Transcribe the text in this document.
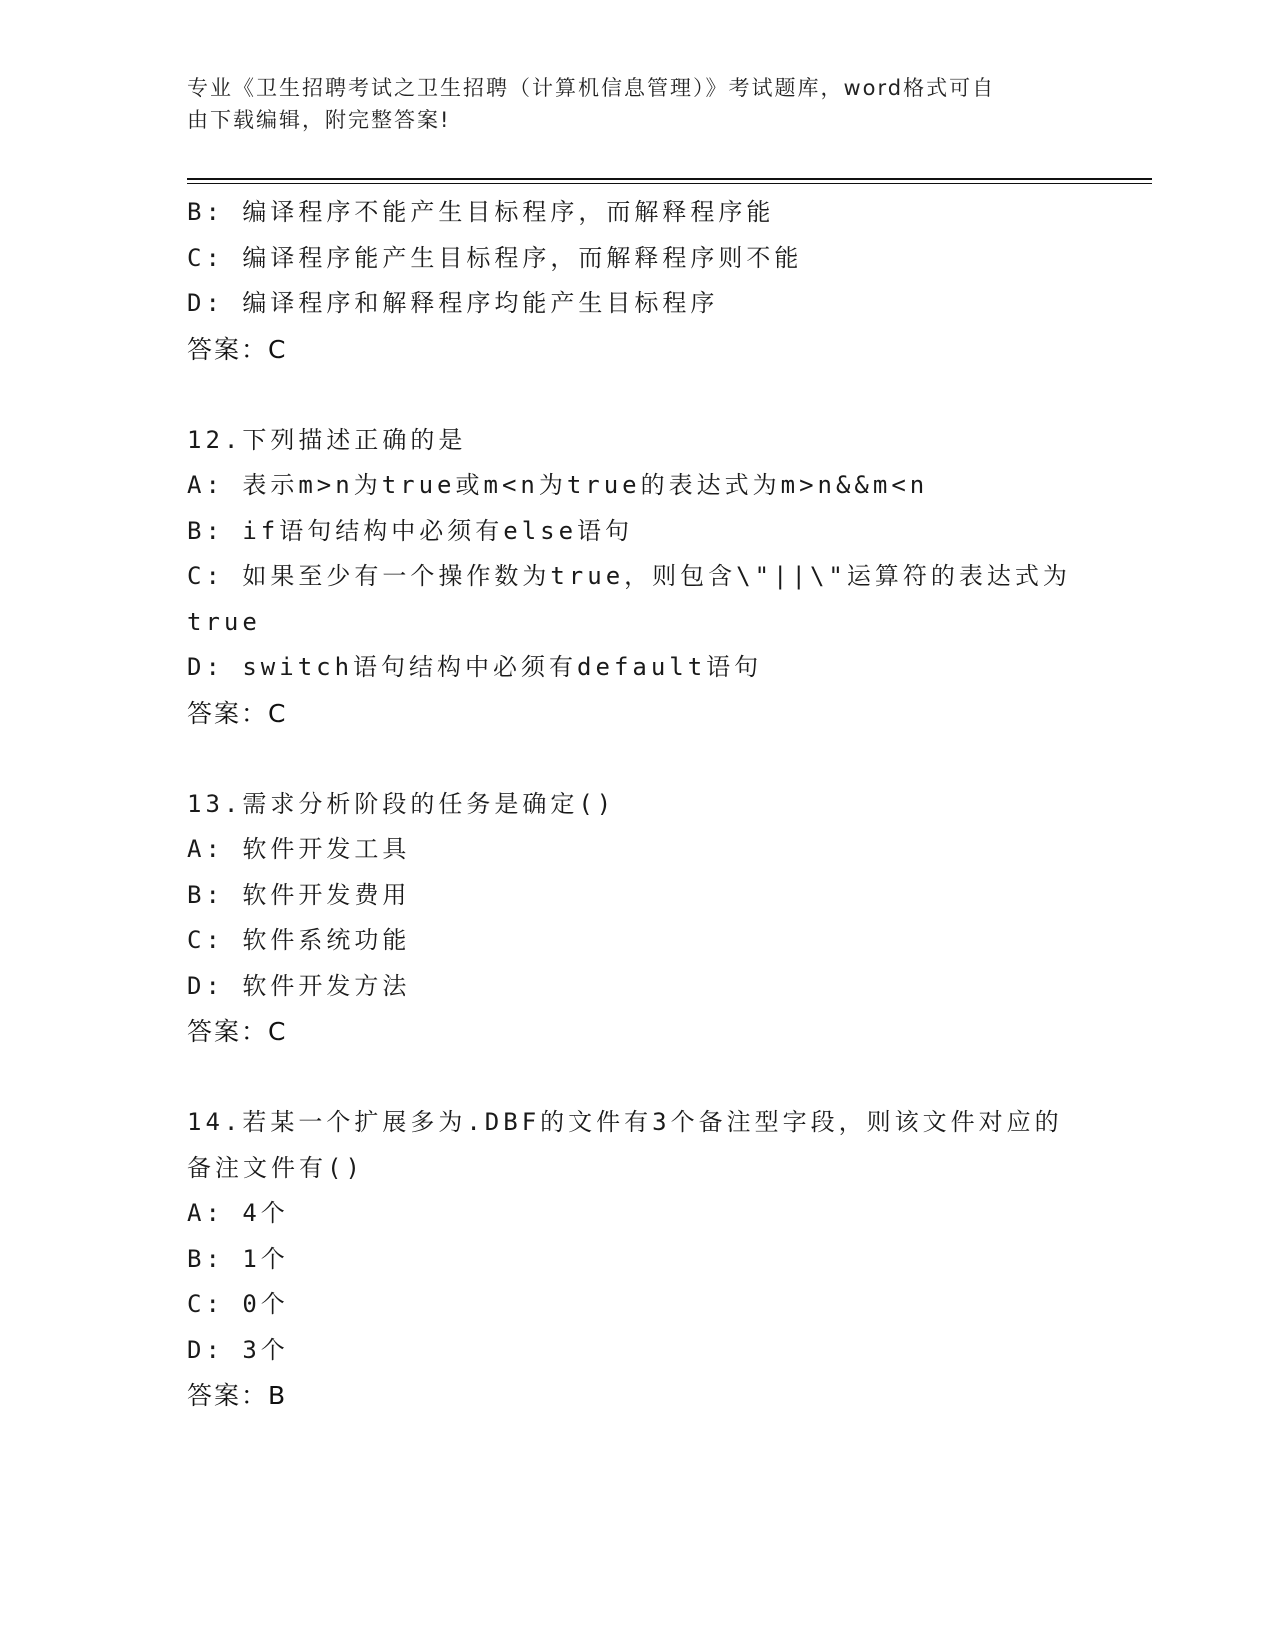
专业《卫生招聘考试之卫生招聘（计算机信息管理）》考试题库，word格式可自
由下载编辑，附完整答案!
B: 编译程序不能产生目标程序，而解释程序能
C: 编译程序能产生目标程序，而解释程序则不能
D: 编译程序和解释程序均能产生目标程序
答案：C
12.下列描述正确的是
A: 表示m>n为true或m<n为true的表达式为m>n&&m<n
B: if语句结构中必须有else语句
C: 如果至少有一个操作数为true，则包含\"||\"运算符的表达式为
true
D: switch语句结构中必须有default语句
答案：C
13.需求分析阶段的任务是确定()
A: 软件开发工具
B: 软件开发费用
C: 软件系统功能
D: 软件开发方法
答案：C
14.若某一个扩展多为.DBF的文件有3个备注型字段，则该文件对应的
备注文件有()
A: 4个
B: 1个
C: 0个
D: 3个
答案：B
